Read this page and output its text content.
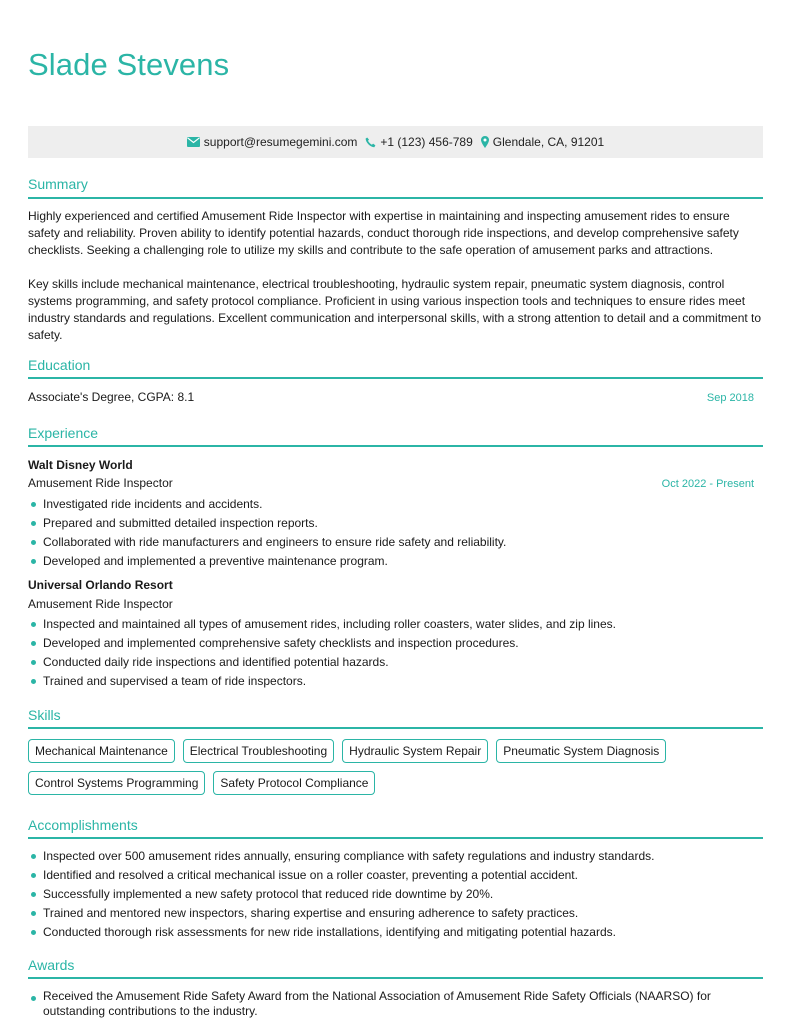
Slade Stevens
support@resumegemini.com +1 (123) 456-789 Glendale, CA, 91201
Summary
Highly experienced and certified Amusement Ride Inspector with expertise in maintaining and inspecting amusement rides to ensure safety and reliability. Proven ability to identify potential hazards, conduct thorough ride inspections, and develop comprehensive safety checklists. Seeking a challenging role to utilize my skills and contribute to the safe operation of amusement parks and attractions.
Key skills include mechanical maintenance, electrical troubleshooting, hydraulic system repair, pneumatic system diagnosis, control systems programming, and safety protocol compliance. Proficient in using various inspection tools and techniques to ensure rides meet industry standards and regulations. Excellent communication and interpersonal skills, with a strong attention to detail and a commitment to safety.
Education
Associate's Degree, CGPA: 8.1	Sep 2018
Experience
Walt Disney World
Amusement Ride Inspector	Oct 2022 - Present
Investigated ride incidents and accidents.
Prepared and submitted detailed inspection reports.
Collaborated with ride manufacturers and engineers to ensure ride safety and reliability.
Developed and implemented a preventive maintenance program.
Universal Orlando Resort
Amusement Ride Inspector
Inspected and maintained all types of amusement rides, including roller coasters, water slides, and zip lines.
Developed and implemented comprehensive safety checklists and inspection procedures.
Conducted daily ride inspections and identified potential hazards.
Trained and supervised a team of ride inspectors.
Skills
Mechanical Maintenance	Electrical Troubleshooting	Hydraulic System Repair	Pneumatic System Diagnosis
Control Systems Programming	Safety Protocol Compliance
Accomplishments
Inspected over 500 amusement rides annually, ensuring compliance with safety regulations and industry standards.
Identified and resolved a critical mechanical issue on a roller coaster, preventing a potential accident.
Successfully implemented a new safety protocol that reduced ride downtime by 20%.
Trained and mentored new inspectors, sharing expertise and ensuring adherence to safety practices.
Conducted thorough risk assessments for new ride installations, identifying and mitigating potential hazards.
Awards
Received the Amusement Ride Safety Award from the National Association of Amusement Ride Safety Officials (NAARSO) for outstanding contributions to the industry.
